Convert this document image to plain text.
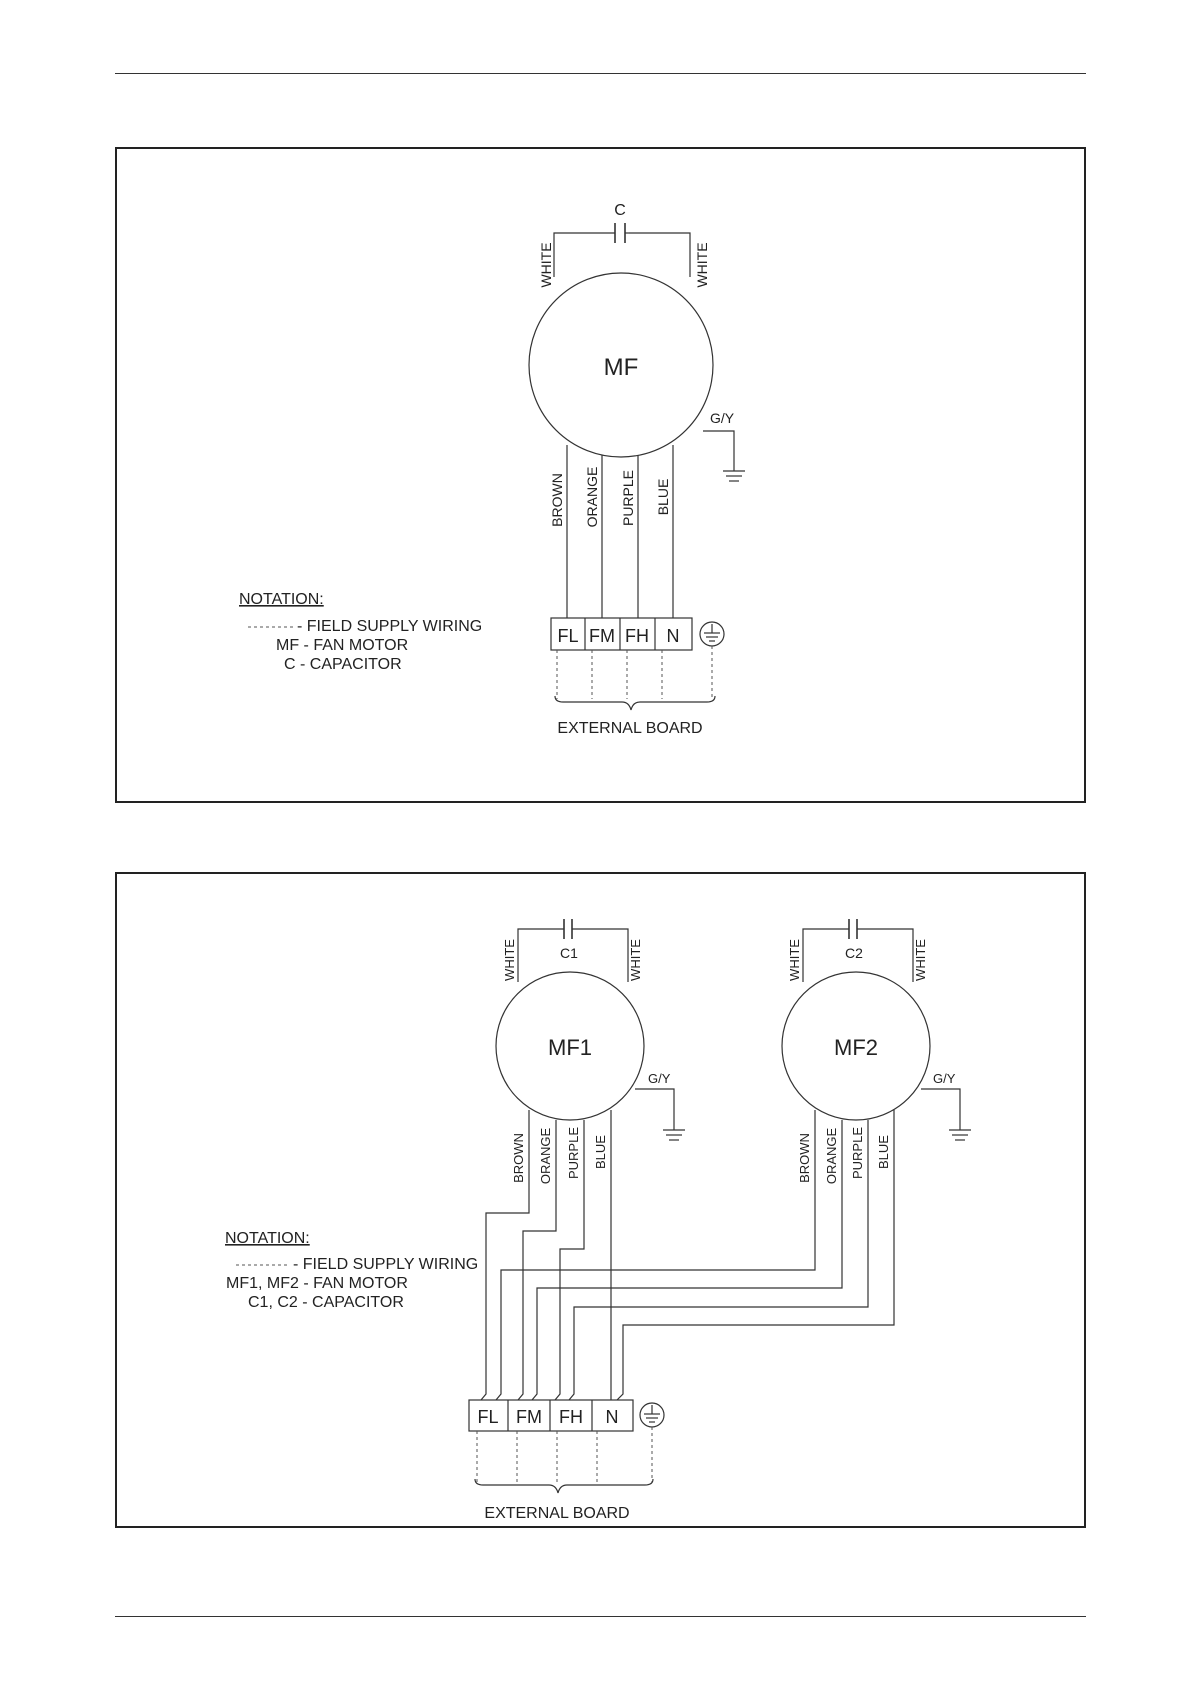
C
WHITE	WHITE
MF
G/Y
BROWN ORANGE PURPLE BLUE
FL FM FH N
EXTERNAL BOARD
NOTATION:
- FIELD SUPPLY WIRING
MF - FAN MOTOR
C - CAPACITOR
C1
WHITE	WHITE
MF1
G/Y
BROWN ORANGE PURPLE BLUE
C2
WHITE	WHITE
MF2
G/Y
BROWN ORANGE PURPLE BLUE
FL FM FH N
EXTERNAL BOARD
NOTATION:
- FIELD SUPPLY WIRING
MF1, MF2 - FAN MOTOR
C1, C2 - CAPACITOR
